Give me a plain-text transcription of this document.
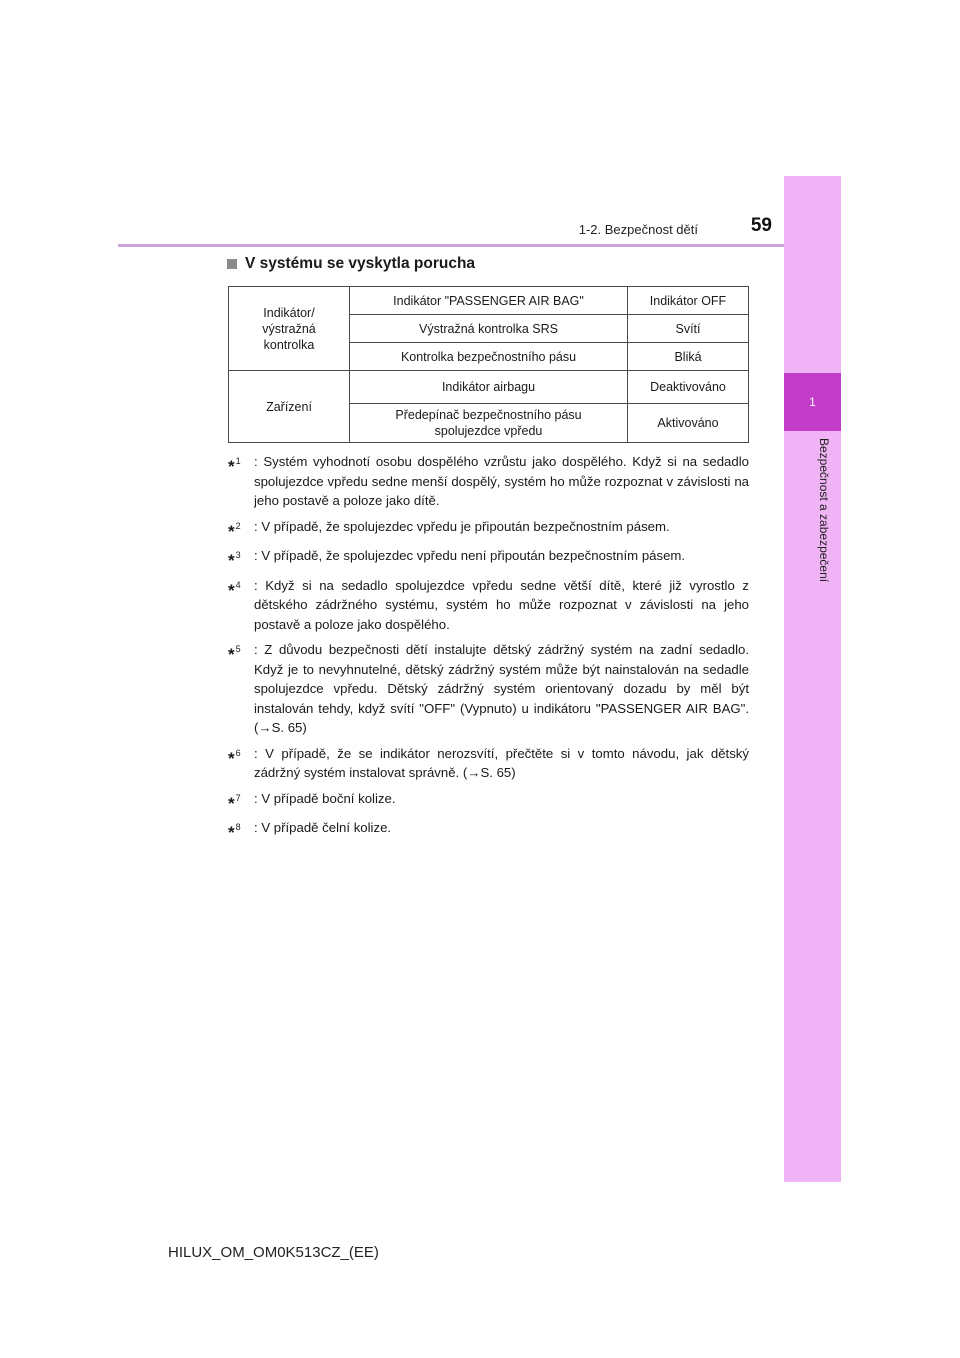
1
Bezpečnost a zabezpečení
1-2. Bezpečnost dětí	59
V systému se vyskytla porucha
Indikátor/
výstražná
kontrolka	Indikátor "PASSENGER AIR BAG"	Indikátor OFF
	Výstražná kontrolka SRS	Svítí
	Kontrolka bezpečnostního pásu	Bliká
Zařízení	Indikátor airbagu	Deaktivováno
	Předepínač bezpečnostního pásu
spolujezdce vpředu	Aktivováno
*$^1$	: Systém vyhodnotí osobu dospělého vzrůstu jako dospělého. Když si na sedadlo spolujezdce vpředu sedne menší dospělý, systém ho může rozpoznat v závislosti na jeho postavě a poloze jako dítě.
*$^2$	: V případě, že spolujezdec vpředu je připoután bezpečnostním pásem.
*$^3$	: V případě, že spolujezdec vpředu není připoután bezpečnostním pásem.
*$^4$	: Když si na sedadlo spolujezdce vpředu sedne větší dítě, které již vyrostlo z dětského zádržného systému, systém ho může rozpoznat v závislosti na jeho postavě a poloze jako dospělého.
*$^5$	: Z důvodu bezpečnosti dětí instalujte dětský zádržný systém na zadní sedadlo. Když je to nevyhnutelné, dětský zádržný systém může být nainstalován na sedadle spolujezdce vpředu. Dětský zádržný systém orientovaný dozadu by měl být instalován tehdy, když svítí "OFF" (Vypnuto) u indikátoru "PASSENGER AIR BAG". (→S. 65)
*$^6$	: V případě, že se indikátor nerozsvítí, přečtěte si v tomto návodu, jak dětský zádržný systém instalovat správně. (→S. 65)
*$^7$	: V případě boční kolize.
*$^8$	: V případě čelní kolize.
HILUX_OM_OM0K513CZ_(EE)
